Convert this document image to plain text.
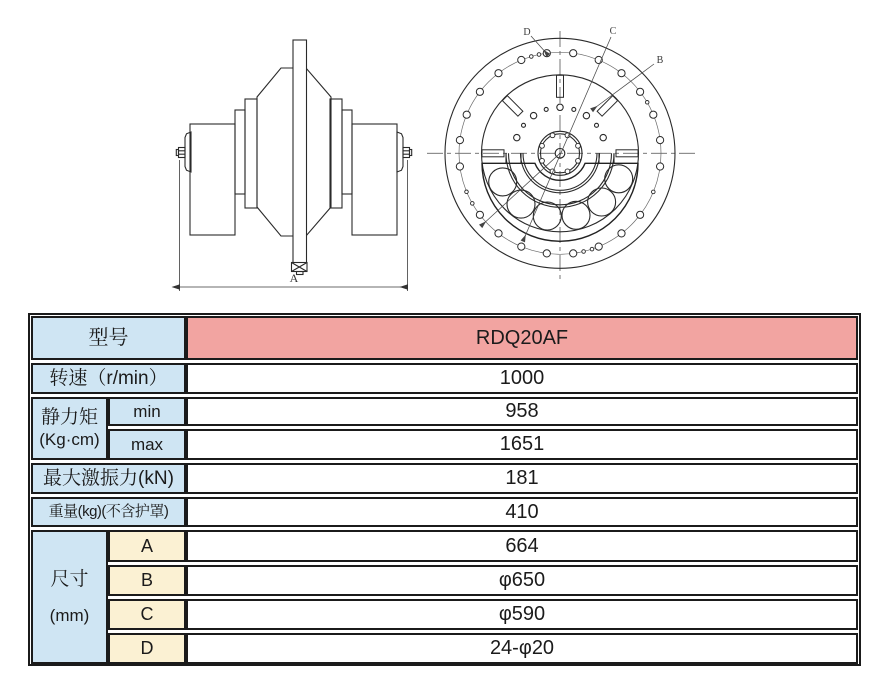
A
D	C
B
型号	RDQ20AF
转速（r/min）	1000
静力矩
(Kg·cm)
min	958
max	1651
最大激振力(kN)	181
重量(kg)(不含护罩)	410
尺寸
(mm)
A	664
B	φ650
C	φ590
D	24-φ20
